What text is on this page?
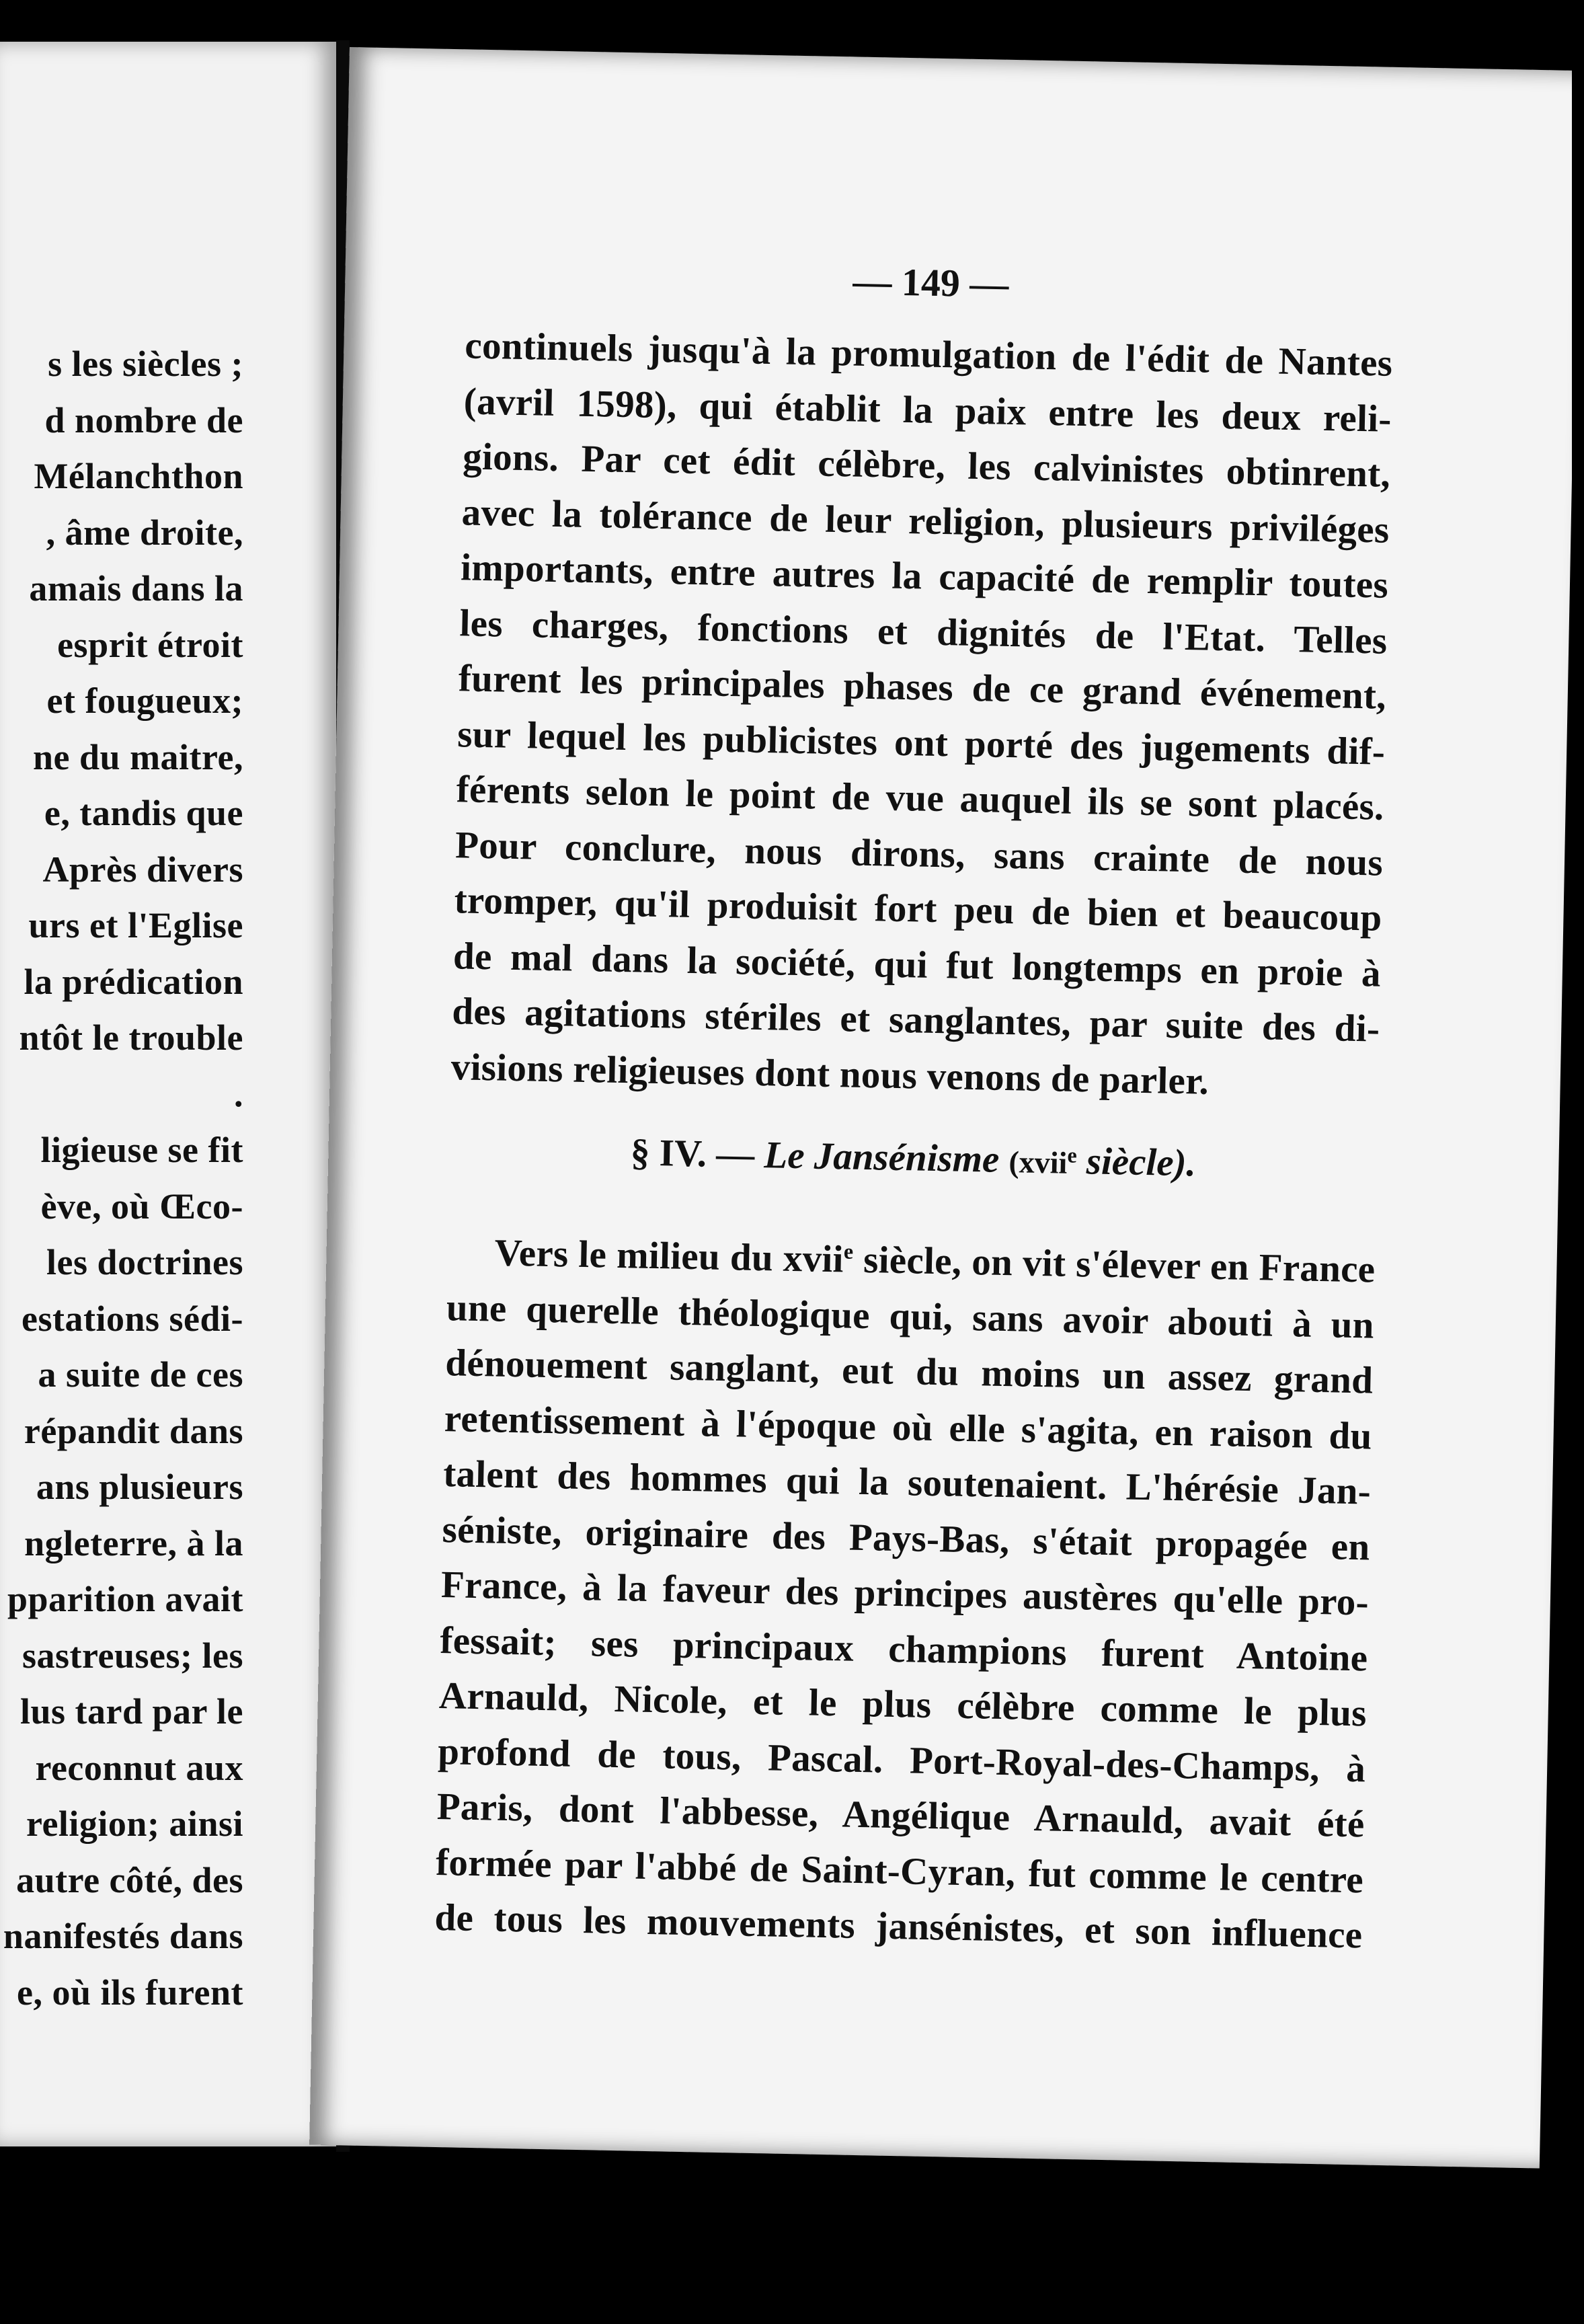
s les siècles ;
d nombre de
Mélanchthon
, âme droite,
amais dans la
esprit étroit
et fougueux;
ne du maitre,
e, tandis que
Après divers
urs et l'Eglise
la prédication
ntôt le trouble
.
ligieuse se fit
ève, où Œco-
les doctrines
estations sédi-
a suite de ces
répandit dans
ans plusieurs
ngleterre, à la
pparition avait
sastreuses; les
lus tard par le
reconnut aux
religion; ainsi
autre côté, des
nanifestés dans
e, où ils furent
— 149 —
continuels jusqu'à la promulgation de l'édit de Nantes
(avril 1598), qui établit la paix entre les deux reli-
gions. Par cet édit célèbre, les calvinistes obtinrent,
avec la tolérance de leur religion, plusieurs priviléges
importants, entre autres la capacité de remplir toutes
les charges, fonctions et dignités de l'Etat. Telles
furent les principales phases de ce grand événement,
sur lequel les publicistes ont porté des jugements dif-
férents selon le point de vue auquel ils se sont placés.
Pour conclure, nous dirons, sans crainte de nous
tromper, qu'il produisit fort peu de bien et beaucoup
de mal dans la société, qui fut longtemps en proie à
des agitations stériles et sanglantes, par suite des di-
visions religieuses dont nous venons de parler.
§ IV. — Le Jansénisme (xvii$^e$ siècle).
Vers le milieu du xvii$^e$ siècle, on vit s'élever en France
une querelle théologique qui, sans avoir abouti à un
dénouement sanglant, eut du moins un assez grand
retentissement à l'époque où elle s'agita, en raison du
talent des hommes qui la soutenaient. L'hérésie Jan-
séniste, originaire des Pays-Bas, s'était propagée en
France, à la faveur des principes austères qu'elle pro-
fessait; ses principaux champions furent Antoine
Arnauld, Nicole, et le plus célèbre comme le plus
profond de tous, Pascal. Port-Royal-des-Champs, à
Paris, dont l'abbesse, Angélique Arnauld, avait été
formée par l'abbé de Saint-Cyran, fut comme le centre
de tous les mouvements jansénistes, et son influence
